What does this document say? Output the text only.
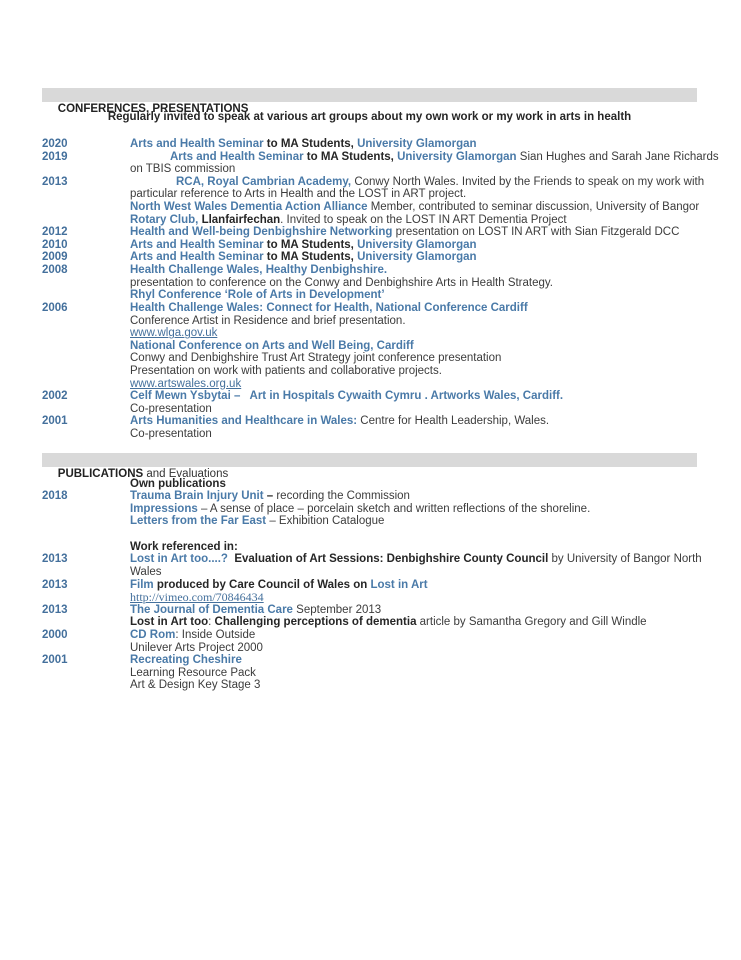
CONFERENCES, PRESENTATIONS

Regularly invited to speak at various art groups about my own work or my work in arts in health
2020	Arts and Health Seminar to MA Students, University Glamorgan
2019	Arts and Health Seminar to MA Students, University Glamorgan Sian Hughes and Sarah Jane Richards
on TBIS commission
2013	RCA, Royal Cambrian Academy, Conwy North Wales. Invited by the Friends to speak on my work with
particular reference to Arts in Health and the LOST in ART project.
North West Wales Dementia Action Alliance Member, contributed to seminar discussion, University of Bangor
Rotary Club, Llanfairfechan. Invited to speak on the LOST IN ART Dementia Project
2012	Health and Well-being Denbighshire Networking presentation on LOST IN ART with Sian Fitzgerald DCC
2010	Arts and Health Seminar to MA Students, University Glamorgan
2009	Arts and Health Seminar to MA Students, University Glamorgan
2008	Health Challenge Wales, Healthy Denbighshire.
presentation to conference on the Conwy and Denbighshire Arts in Health Strategy.
Rhyl Conference ‘Role of Arts in Development’
2006	Health Challenge Wales: Connect for Health, National Conference Cardiff
Conference Artist in Residence and brief presentation.
www.wlga.gov.uk
National Conference on Arts and Well Being, Cardiff
Conwy and Denbighshire Trust Art Strategy joint conference presentation
Presentation on work with patients and collaborative projects.
www.artswales.org.uk
2002	Celf Mewn Ysbytai –   Art in Hospitals Cywaith Cymru . Artworks Wales, Cardiff.
Co-presentation
2001	Arts Humanities and Healthcare in Wales: Centre for Health Leadership, Wales.
Co-presentation

PUBLICATIONS and Evaluations

Own publications
2018	Trauma Brain Injury Unit – recording the Commission
Impressions – A sense of place – porcelain sketch and written reflections of the shoreline.
Letters from the Far East – Exhibition Catalogue

Work referenced in:
2013	Lost in Art too....?  Evaluation of Art Sessions: Denbighshire County Council by University of Bangor North
Wales
2013	Film produced by Care Council of Wales on Lost in Art
http://vimeo.com/70846434
2013	The Journal of Dementia Care September 2013
Lost in Art too: Challenging perceptions of dementia article by Samantha Gregory and Gill Windle
2000	CD Rom: Inside Outside
Unilever Arts Project 2000
2001	Recreating Cheshire
Learning Resource Pack
Art & Design Key Stage 3
